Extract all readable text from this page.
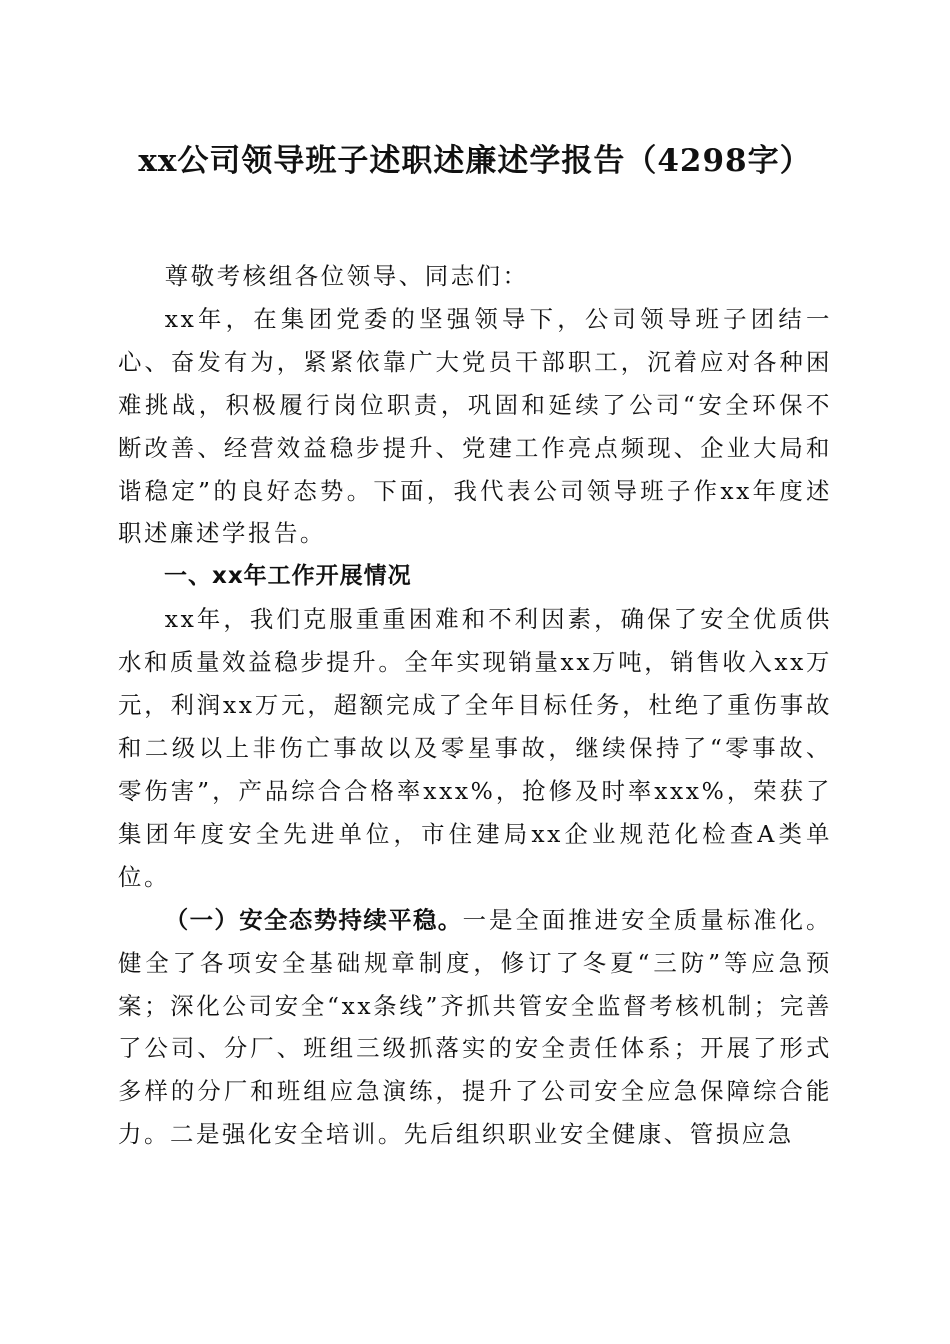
xx公司领导班子述职述廉述学报告（4298字）

尊敬考核组各位领导、同志们：

xx年，在集团党委的坚强领导下，公司领导班子团结一心、奋发有为，紧紧依靠广大党员干部职工，沉着应对各种困难挑战，积极履行岗位职责，巩固和延续了公司“安全环保不断改善、经营效益稳步提升、党建工作亮点频现、企业大局和谐稳定”的良好态势。下面，我代表公司领导班子作xx年度述职述廉述学报告。

一、xx年工作开展情况

xx年，我们克服重重困难和不利因素，确保了安全优质供水和质量效益稳步提升。全年实现销量xx万吨，销售收入xx万元，利润xx万元，超额完成了全年目标任务，杜绝了重伤事故和二级以上非伤亡事故以及零星事故，继续保持了“零事故、零伤害”，产品综合合格率xxx%，抢修及时率xxx%，荣获了集团年度安全先进单位，市住建局xx企业规范化检查A类单位。

（一）安全态势持续平稳。一是全面推进安全质量标准化。健全了各项安全基础规章制度，修订了冬夏“三防”等应急预案；深化公司安全“xx条线”齐抓共管安全监督考核机制；完善了公司、分厂、班组三级抓落实的安全责任体系；开展了形式多样的分厂和班组应急演练，提升了公司安全应急保障综合能力。二是强化安全培训。先后组织职业安全健康、管损应急
